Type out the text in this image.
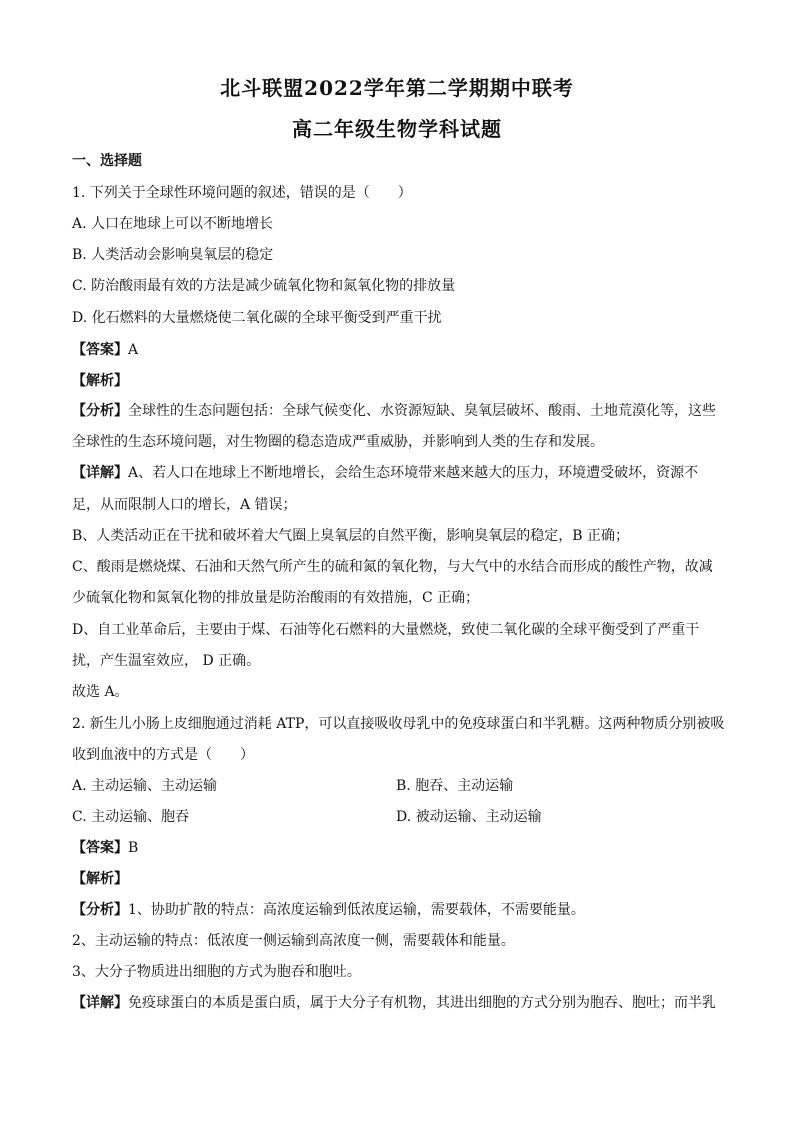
北斗联盟2022学年第二学期期中联考
高二年级生物学科试题
一、选择题
1. 下列关于全球性环境问题的叙述，错误的是（　　）
A. 人口在地球上可以不断地增长
B. 人类活动会影响臭氧层的稳定
C. 防治酸雨最有效的方法是减少硫氧化物和氮氧化物的排放量
D. 化石燃料的大量燃烧使二氧化碳的全球平衡受到严重干扰
【答案】A
【解析】
【分析】全球性的生态问题包括：全球气候变化、水资源短缺、臭氧层破坏、酸雨、土地荒漠化等，这些
全球性的生态环境问题，对生物圈的稳态造成严重威胁，并影响到人类的生存和发展。
【详解】A、若人口在地球上不断地增长，会给生态环境带来越来越大的压力，环境遭受破坏，资源不
足，从而限制人口的增长，A 错误；
B、人类活动正在干扰和破坏着大气圈上臭氧层的自然平衡，影响臭氧层的稳定，B 正确；
C、酸雨是燃烧煤、石油和天然气所产生的硫和氮的氧化物，与大气中的水结合而形成的酸性产物，故减
少硫氧化物和氮氧化物的排放量是防治酸雨的有效措施，C 正确；
D、自工业革命后，主要由于煤、石油等化石燃料的大量燃烧，致使二氧化碳的全球平衡受到了严重干
扰，产生温室效应， D 正确。
故选 A。
2. 新生儿小肠上皮细胞通过消耗 ATP，可以直接吸收母乳中的免疫球蛋白和半乳糖。这两种物质分别被吸
收到血液中的方式是（　　）
A. 主动运输、主动运输	B. 胞吞、主动运输
C. 主动运输、胞吞	D. 被动运输、主动运输
【答案】B
【解析】
【分析】1、协助扩散的特点：高浓度运输到低浓度运输，需要载体，不需要能量。
2、主动运输的特点：低浓度一侧运输到高浓度一侧，需要载体和能量。
3、大分子物质进出细胞的方式为胞吞和胞吐。
【详解】免疫球蛋白的本质是蛋白质，属于大分子有机物，其进出细胞的方式分别为胞吞、胞吐；而半乳
